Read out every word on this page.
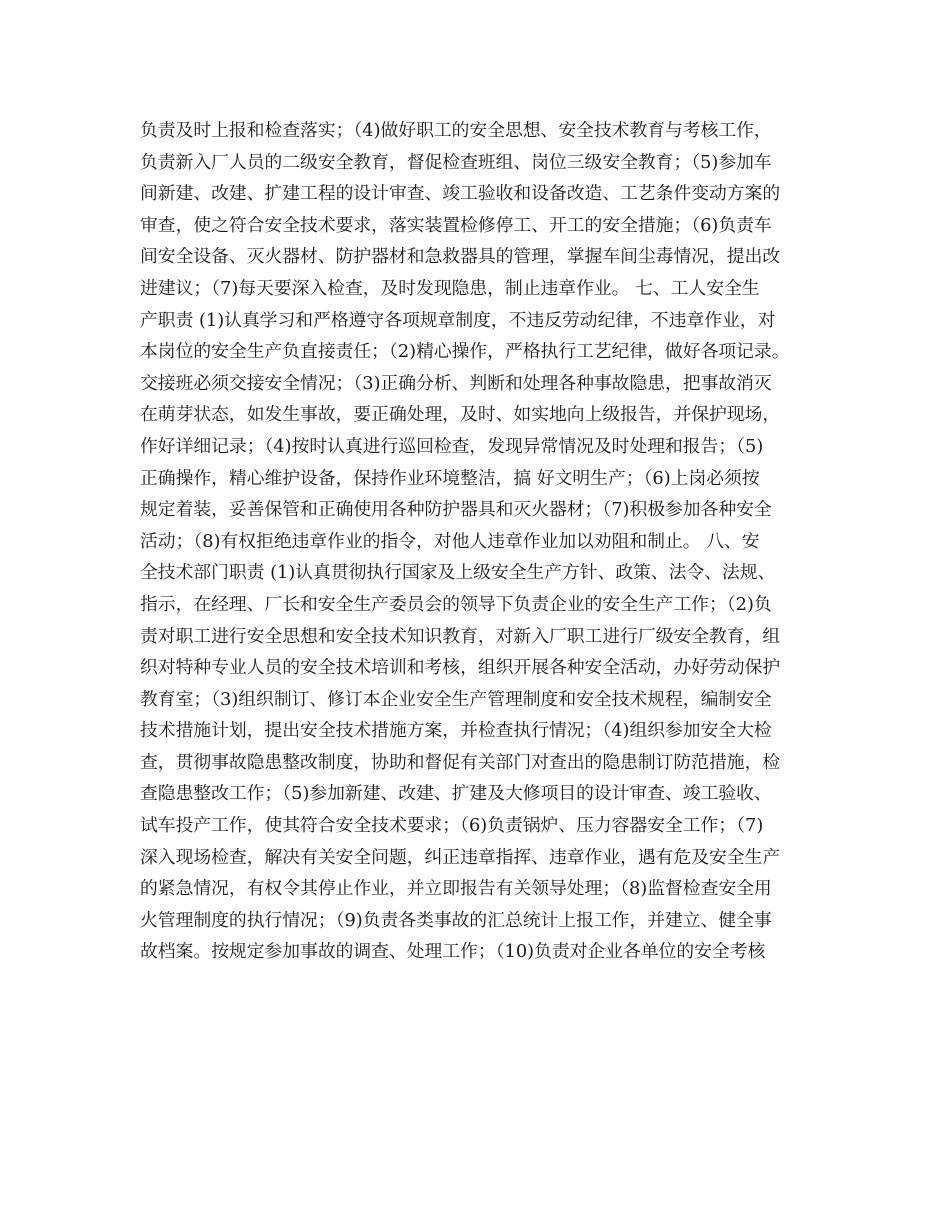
负责及时上报和检查落实；（4)做好职工的安全思想、安全技术教育与考核工作，
负责新入厂人员的二级安全教育，督促检查班组、岗位三级安全教育；（5)参加车
间新建、改建、扩建工程的设计审查、竣工验收和设备改造、工艺条件变动方案的
审查，使之符合安全技术要求，落实装置检修停工、开工的安全措施；（6)负责车
间安全设备、灭火器材、防护器材和急救器具的管理，掌握车间尘毒情况，提出改
进建议；（7)每天要深入检查，及时发现隐患，制止违章作业。 七、工人安全生
产职责 (1)认真学习和严格遵守各项规章制度，不违反劳动纪律，不违章作业，对
本岗位的安全生产负直接责任；（2)精心操作，严格执行工艺纪律，做好各项记录。
交接班必须交接安全情况；（3)正确分析、判断和处理各种事故隐患，把事故消灭
在萌芽状态，如发生事故，要正确处理，及时、如实地向上级报告，并保护现场，
作好详细记录；（4)按时认真进行巡回检查，发现异常情况及时处理和报告；（5)
正确操作，精心维护设备，保持作业环境整洁，搞 好文明生产；（6)上岗必须按
规定着装，妥善保管和正确使用各种防护器具和灭火器材；（7)积极参加各种安全
活动；（8)有权拒绝违章作业的指令，对他人违章作业加以劝阻和制止。 八、安
全技术部门职责 (1)认真贯彻执行国家及上级安全生产方针、政策、法令、法规、
指示，在经理、厂长和安全生产委员会的领导下负责企业的安全生产工作；（2)负
责对职工进行安全思想和安全技术知识教育，对新入厂职工进行厂级安全教育，组
织对特种专业人员的安全技术培训和考核，组织开展各种安全活动，办好劳动保护
教育室；（3)组织制订、修订本企业安全生产管理制度和安全技术规程，编制安全
技术措施计划，提出安全技术措施方案，并检查执行情况；（4)组织参加安全大检
查，贯彻事故隐患整改制度，协助和督促有关部门对查出的隐患制订防范措施，检
查隐患整改工作；（5)参加新建、改建、扩建及大修项目的设计审查、竣工验收、
试车投产工作，使其符合安全技术要求；（6)负责锅炉、压力容器安全工作；（7)
深入现场检查，解决有关安全问题，纠正违章指挥、违章作业，遇有危及安全生产
的紧急情况，有权令其停止作业，并立即报告有关领导处理；（8)监督检查安全用
火管理制度的执行情况；（9)负责各类事故的汇总统计上报工作，并建立、健全事
故档案。按规定参加事故的调查、处理工作；（10)负责对企业各单位的安全考核
